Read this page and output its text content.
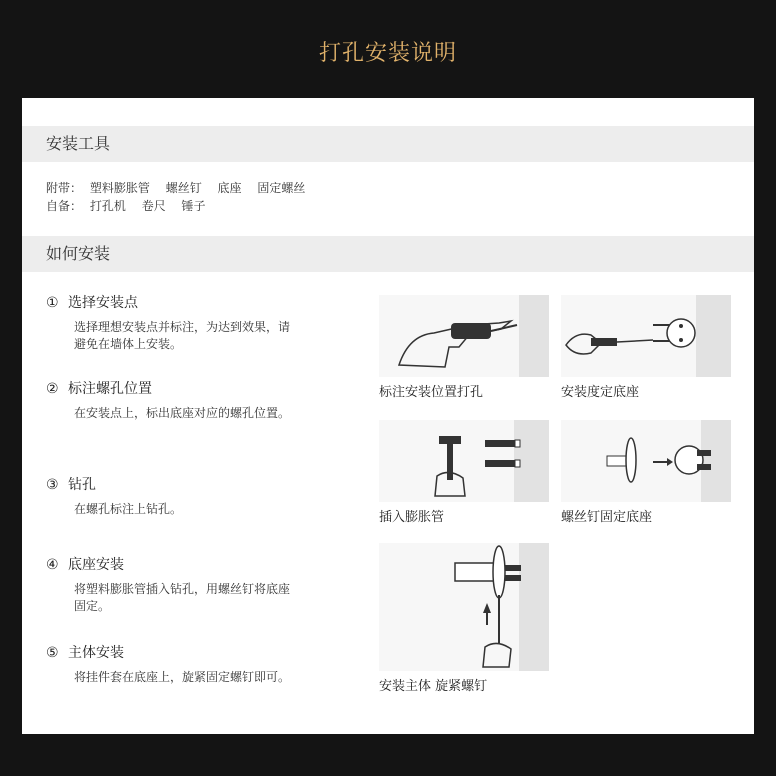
打孔安装说明
安装工具
附带： 塑料膨胀管 螺丝钉 底座 固定螺丝
自备： 打孔机 卷尺 锤子
如何安装
① 选择安装点
选择理想安装点并标注，为达到效果，请避免在墙体上安装。
② 标注螺孔位置
在安装点上，标出底座对应的螺孔位置。
③ 钻孔
在螺孔标注上钻孔。
④ 底座安装
将塑料膨胀管插入钻孔，用螺丝钉将底座固定。
⑤ 主体安装
将挂件套在底座上，旋紧固定螺钉即可。
标注安装位置打孔	安装度定底座
插入膨胀管	螺丝钉固定底座
安装主体 旋紧螺钉
